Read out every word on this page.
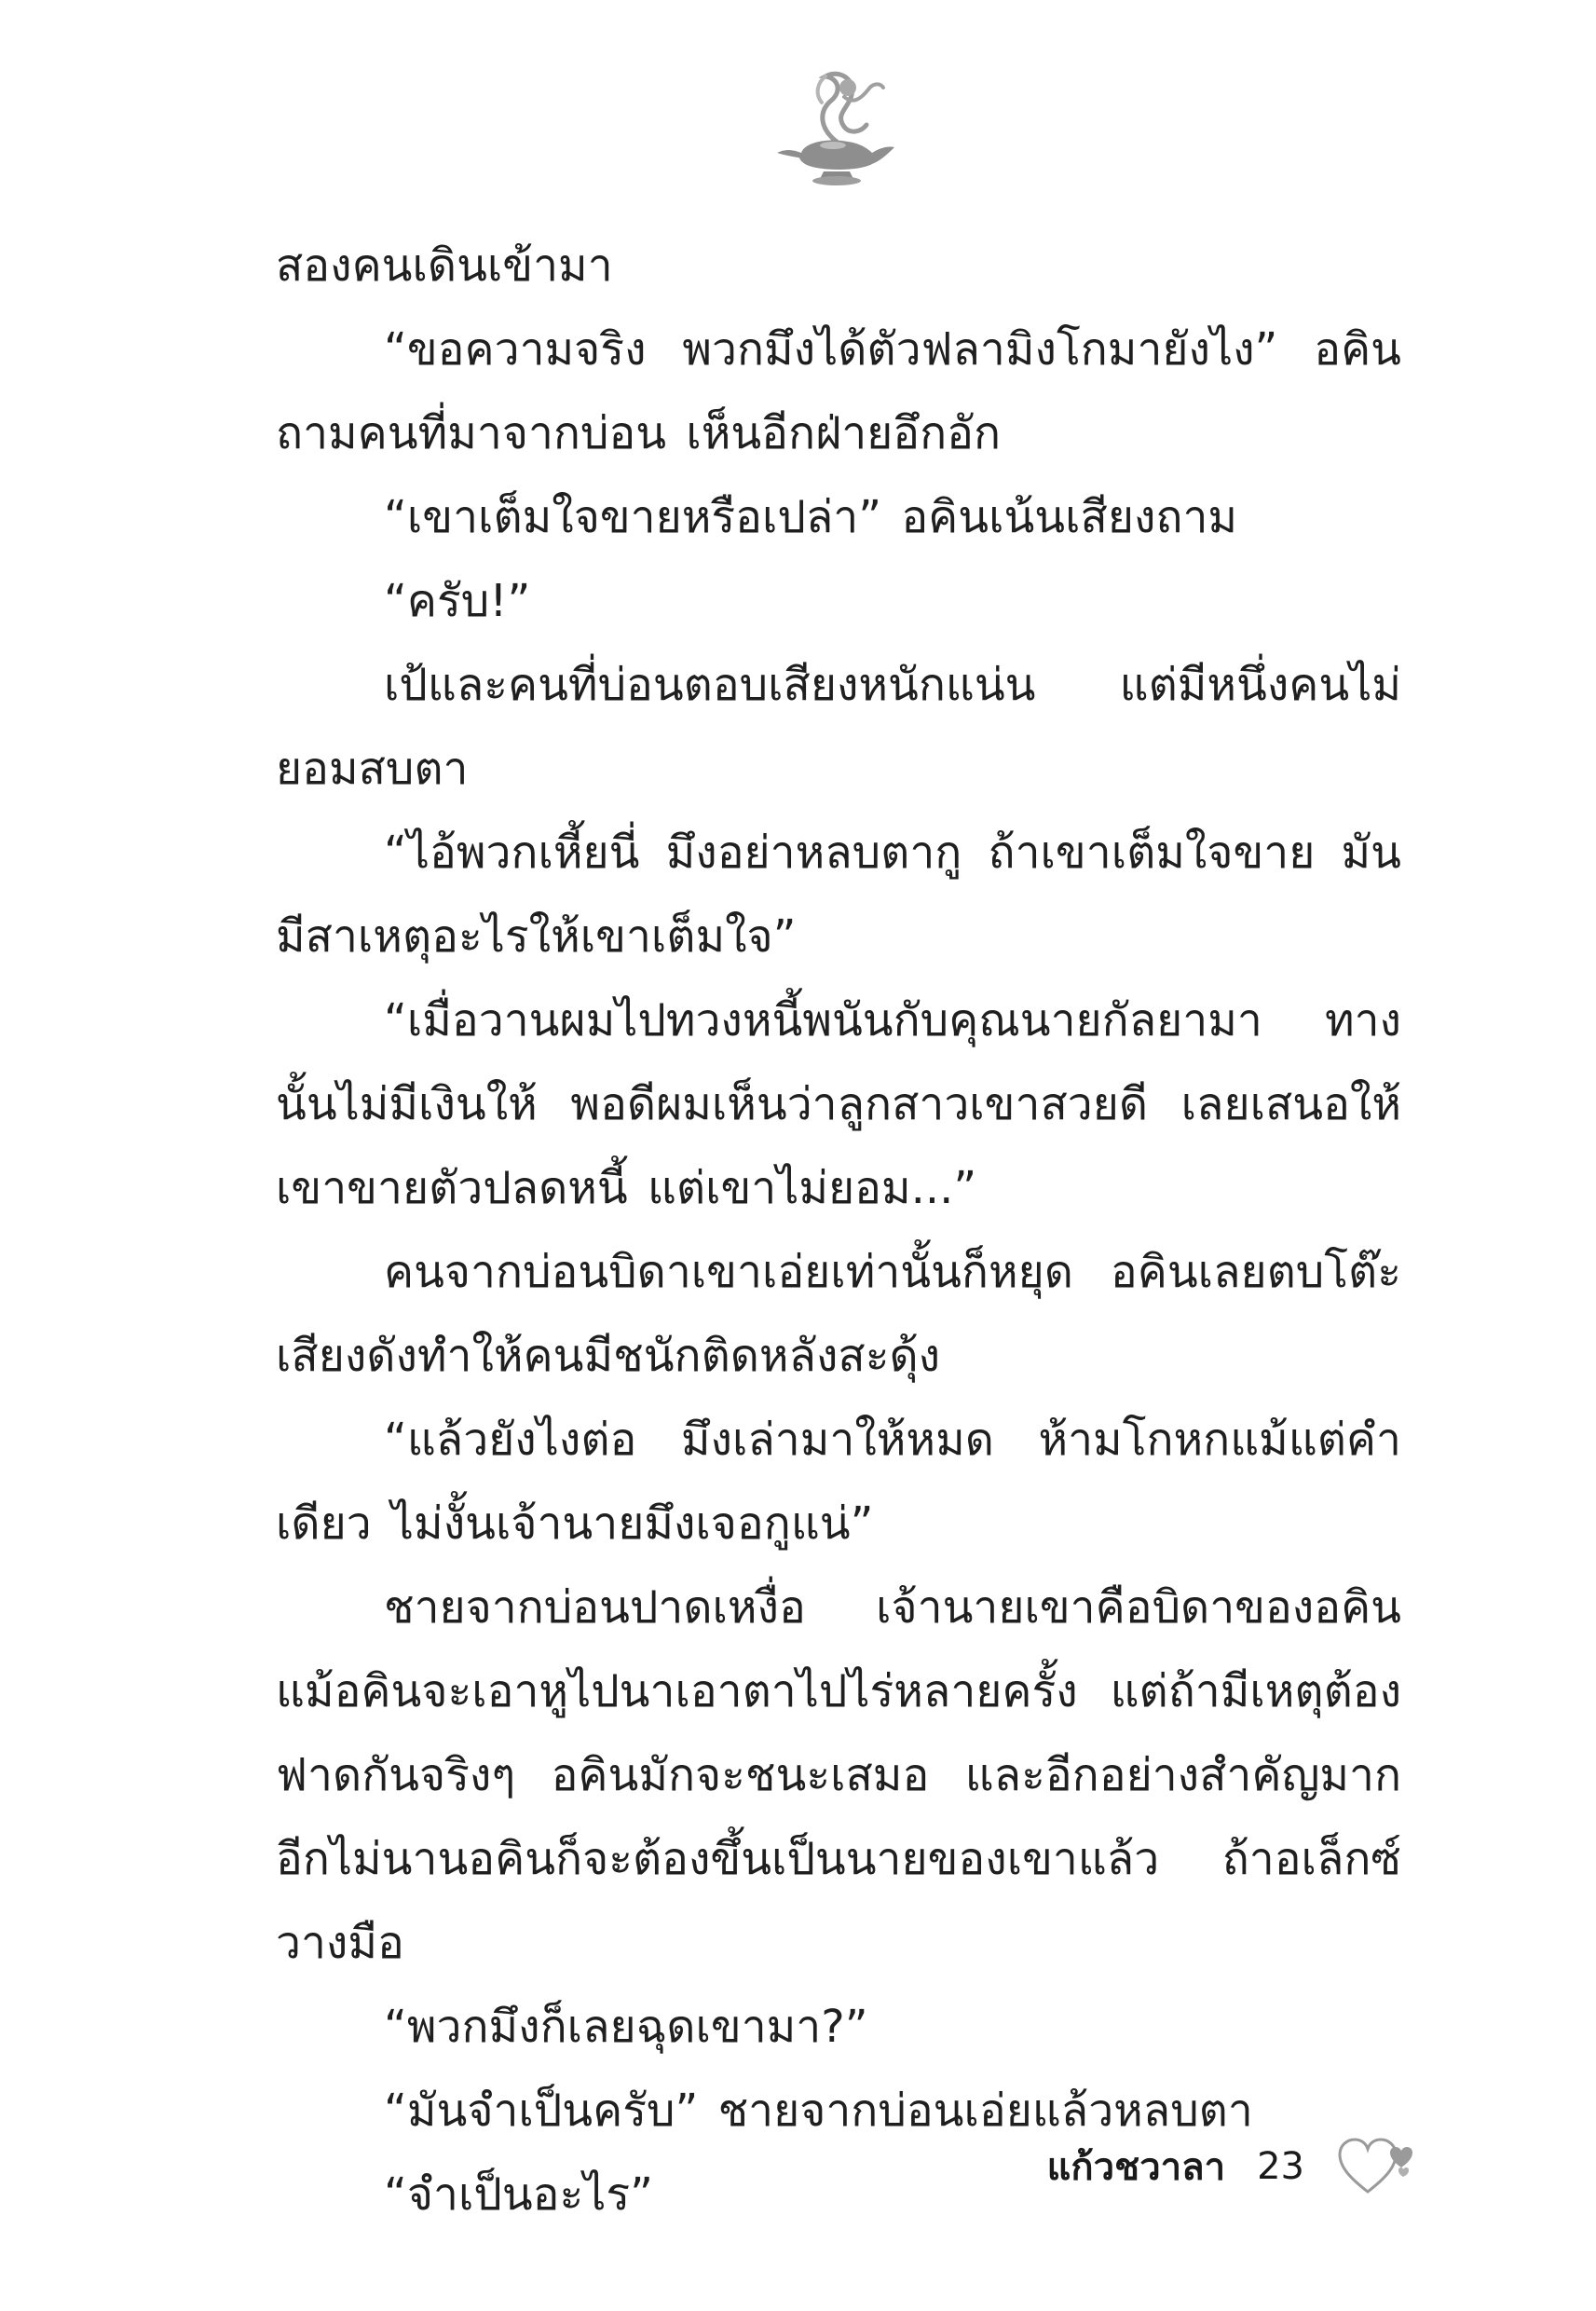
สองคนเดินเข้ามา

“ขอความจริง พวกมึงได้ตัวฟลามิงโกมายังไง” อคินถามคนที่มาจากบ่อน เห็นอีกฝ่ายอึกอัก

“เขาเต็มใจขายหรือเปล่า” อคินเน้นเสียงถาม

“ครับ!”

เป้และคนที่บ่อนตอบเสียงหนักแน่น แต่มีหนึ่งคนไม่ยอมสบตา

“ไอ้พวกเหี้ยนี่ มึงอย่าหลบตากู ถ้าเขาเต็มใจขาย มันมีสาเหตุอะไรให้เขาเต็มใจ”

“เมื่อวานผมไปทวงหนี้พนันกับคุณนายกัลยามา ทางนั้นไม่มีเงินให้ พอดีผมเห็นว่าลูกสาวเขาสวยดี เลยเสนอให้เขาขายตัวปลดหนี้ แต่เขาไม่ยอม...”

คนจากบ่อนบิดาเขาเอ่ยเท่านั้นก็หยุด อคินเลยตบโต๊ะเสียงดังทำให้คนมีชนักติดหลังสะดุ้ง

“แล้วยังไงต่อ มึงเล่ามาให้หมด ห้ามโกหกแม้แต่คำเดียว ไม่งั้นเจ้านายมึงเจอกูแน่”

ชายจากบ่อนปาดเหงื่อ เจ้านายเขาคือบิดาของอคิน แม้อคินจะเอาหูไปนาเอาตาไปไร่หลายครั้ง แต่ถ้ามีเหตุต้องฟาดกันจริงๆ อคินมักจะชนะเสมอ และอีกอย่างสำคัญมาก อีกไม่นานอคินก็จะต้องขึ้นเป็นนายของเขาแล้ว ถ้าอเล็กซ์วางมือ

“พวกมึงก็เลยฉุดเขามา?”

“มันจำเป็นครับ” ชายจากบ่อนเอ่ยแล้วหลบตา

“จำเป็นอะไร”

แก้วชวาลา 23
